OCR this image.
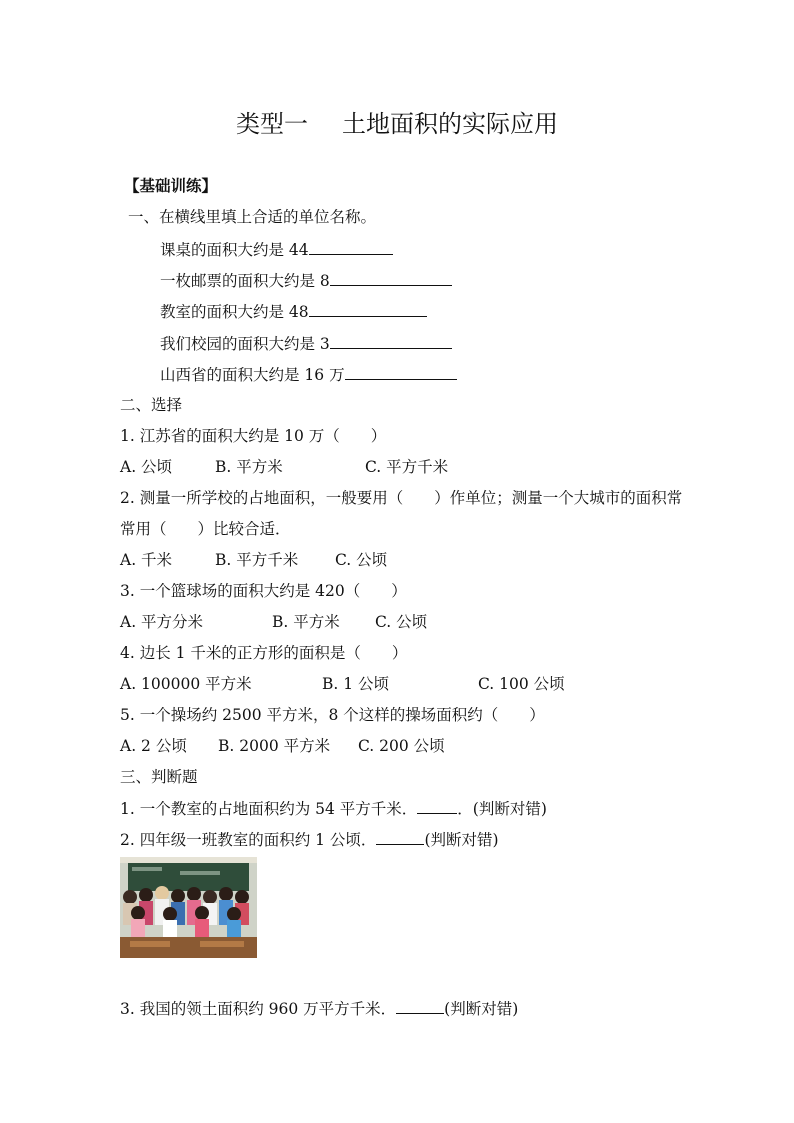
类型一 土地面积的实际应用
【基础训练】
一、在横线里填上合适的单位名称。
课桌的面积大约是 44
一枚邮票的面积大约是 8
教室的面积大约是 48
我们校园的面积大约是 3
山西省的面积大约是 16 万
二、选择
1. 江苏省的面积大约是 10 万（　　）
A. 公顷	B. 平方米	C. 平方千米
2. 测量一所学校的占地面积，一般要用（　　）作单位；测量一个大城市的面积常
常用（　　）比较合适．
A. 千米	B. 平方千米 C. 公顷
3. 一个篮球场的面积大约是 420（　　）
A. 平方分米	B. 平方米 C. 公顷
4. 边长 1 千米的正方形的面积是（　　）
A. 100000 平方米	B. 1 公顷	C. 100 公顷
5. 一个操场约 2500 平方米，8 个这样的操场面积约（　　）
A. 2 公顷 B. 2000 平方米 C. 200 公顷
三、判断题
1. 一个教室的占地面积约为 54 平方千米．	．(判断对错)
2. 四年级一班教室的面积约 1 公顷．	(判断对错)
3. 我国的领土面积约 960 万平方千米．	(判断对错)
